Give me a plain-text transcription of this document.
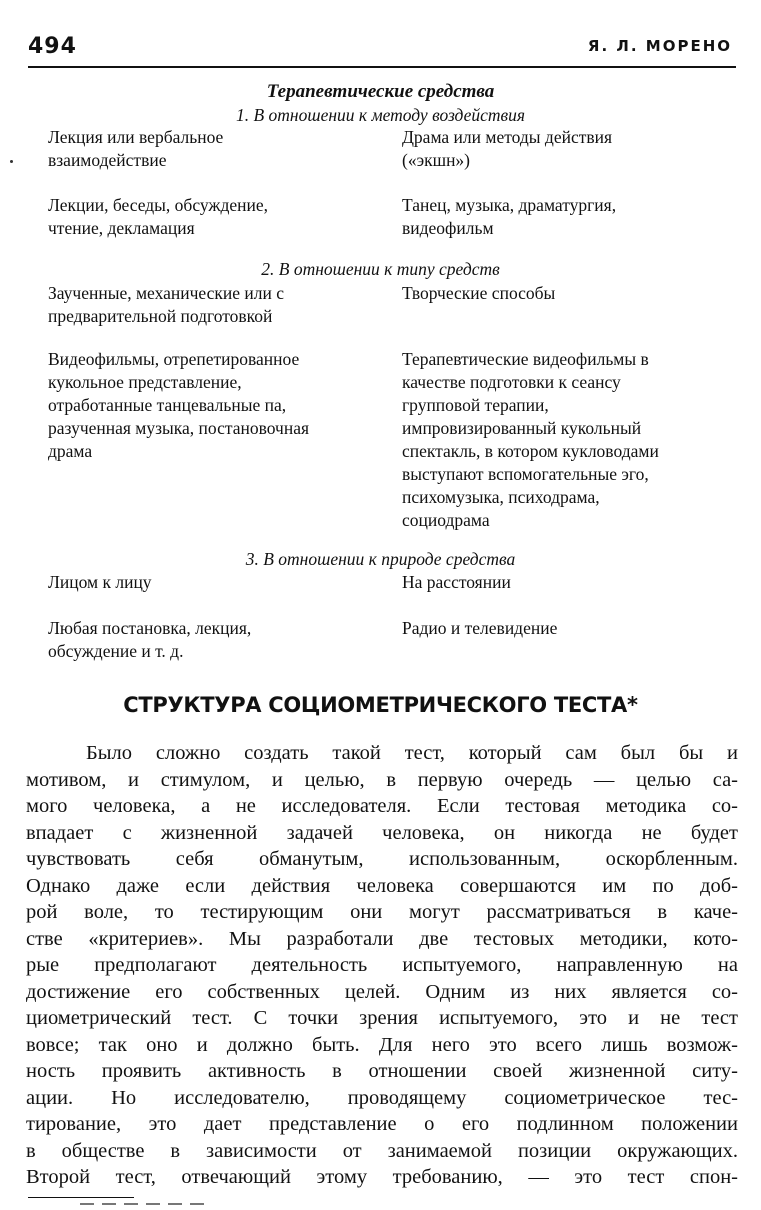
494	Я. Л. МОРЕНО
Терапевтические средства
1. В отношении к методу воздействия
Лекция или вербальное
взаимодействие
Драма или методы действия
(«экшн»)
Лекции, беседы, обсуждение,
чтение, декламация
Танец, музыка, драматургия,
видеофильм
2. В отношении к типу средств
Заученные, механические или с
предварительной подготовкой
Творческие способы
Видеофильмы, отрепетированное
кукольное представление,
отработанные танцевальные па,
разученная музыка, постановочная
драма
Терапевтические видеофильмы в
качестве подготовки к сеансу
групповой терапии,
импровизированный кукольный
спектакль, в котором кукловодами
выступают вспомогательные эго,
психомузыка, психодрама,
социодрама
3. В отношении к природе средства
Лицом к лицу	На расстоянии
Любая постановка, лекция,
обсуждение и т. д.
Радио и телевидение
СТРУКТУРА СОЦИОМЕТРИЧЕСКОГО ТЕСТА*
Было сложно создать такой тест, который сам был бы и
мотивом, и стимулом, и целью, в первую очередь — целью са-
мого человека, а не исследователя. Если тестовая методика со-
впадает с жизненной задачей человека, он никогда не будет
чувствовать себя обманутым, использованным, оскорбленным.
Однако даже если действия человека совершаются им по доб-
рой воле, то тестирующим они могут рассматриваться в каче-
стве «критериев». Мы разработали две тестовых методики, кото-
рые предполагают деятельность испытуемого, направленную на
достижение его собственных целей. Одним из них является со-
циометрический тест. С точки зрения испытуемого, это и не тест
вовсе; так оно и должно быть. Для него это всего лишь возмож-
ность проявить активность в отношении своей жизненной ситу-
ации. Но исследователю, проводящему социометрическое тес-
тирование, это дает представление о его подлинном положении
в обществе в зависимости от занимаемой позиции окружающих.
Второй тест, отвечающий этому требованию, — это тест спон-
